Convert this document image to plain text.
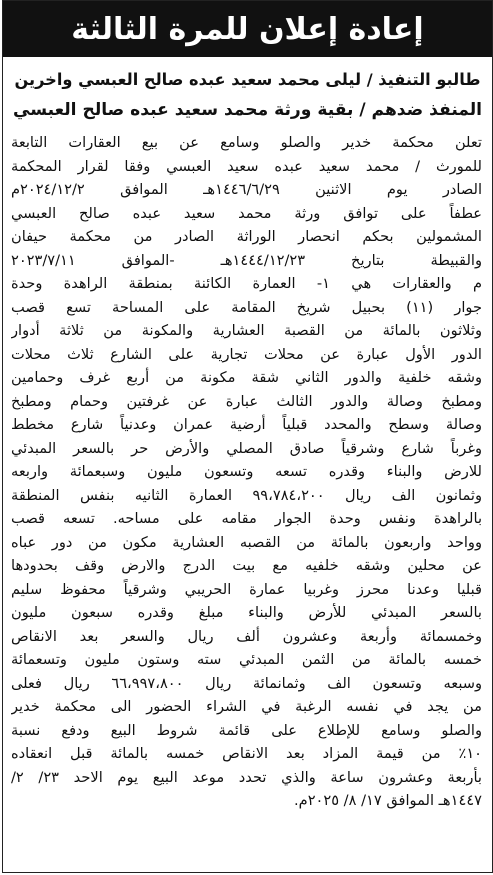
إعادة إعلان للمرة الثالثة
طالبو التنفيذ / ليلى محمد سعيد عبده صالح العبسي واخرين
المنفذ ضدهم / بقية ورثة محمد سعيد عبده صالح العبسي
تعلن محكمة خدير والصلو وسامع عن بيع العقارات التابعة
للمورث / محمد سعيد عبده سعيد العبسي وفقا لقرار المحكمة
الصادر يوم الاثنين ١٤٤٦/٦/٢٩هـ الموافق ٢٠٢٤/١٢/٢م
عطفاً على توافق ورثة محمد سعيد عبده صالح العبسي
المشمولين بحكم انحصار الوراثة الصادر من محكمة حيفان
والقبيطة بتاريخ ١٤٤٤/١٢/٢٣هـ -الموافق ٢٠٢٣/٧/١١
م والعقارات هي ١- العمارة الكائنة بمنطقة الراهدة وحدة
جوار (١١) بحبيل شريخ المقامة على المساحة تسع قصب
وثلاثون بالمائة من القصبة العشارية والمكونة من ثلاثة أدوار
الدور الأول عبارة عن محلات تجارية على الشارع ثلاث محلات
وشقه خلفية والدور الثاني شقة مكونة من أربع غرف وحمامين
ومطبخ وصالة والدور الثالث عبارة عن غرفتين وحمام ومطبخ
وصالة وسطح والمحدد قبلياً أرضية عمران وعدنياً شارع مخطط
وغرباً شارع وشرقياً صادق المصلي والأرض حر بالسعر المبدئي
للارض والبناء وقدره تسعه وتسعون مليون وسبعمائة واربعه
وثمانون الف ريال ٩٩،٧٨٤،٢٠٠ العمارة الثانيه بنفس المنطقة
بالراهدة ونفس وحدة الجوار مقامه على مساحه. تسعه قصب
وواحد واربعون بالمائة من القصبه العشارية مكون من دور عباه
عن محلين وشقه خلفيه مع بيت الدرج والارض وقف بحدودها
قبليا وعدنا محرز وغربيا عمارة الحريبي وشرقياً محفوظ سليم
بالسعر المبدئي للأرض والبناء مبلغ وقدره سبعون مليون
وخمسمائة وأربعة وعشرون ألف ريال والسعر بعد الانقاص
خمسه بالمائة من الثمن المبدئي سته وستون مليون وتسعمائة
وسبعه وتسعون الف وثمانمائة ريال ٦٦،٩٩٧،٨٠٠ ريال فعلى
من يجد في نفسه الرغبة في الشراء الحضور الى محكمة خدير
والصلو وسامع للإطلاع على قائمة شروط البيع ودفع نسبة
١٠٪ من قيمة المزاد بعد الانقاص خمسه بالمائة قبل انعقاده
بأربعة وعشرون ساعة والذي تحدد موعد البيع يوم الاحد ٢٣/ ٢/
١٤٤٧هـ الموافق ١٧/ ٨/ ٢٠٢٥م.
